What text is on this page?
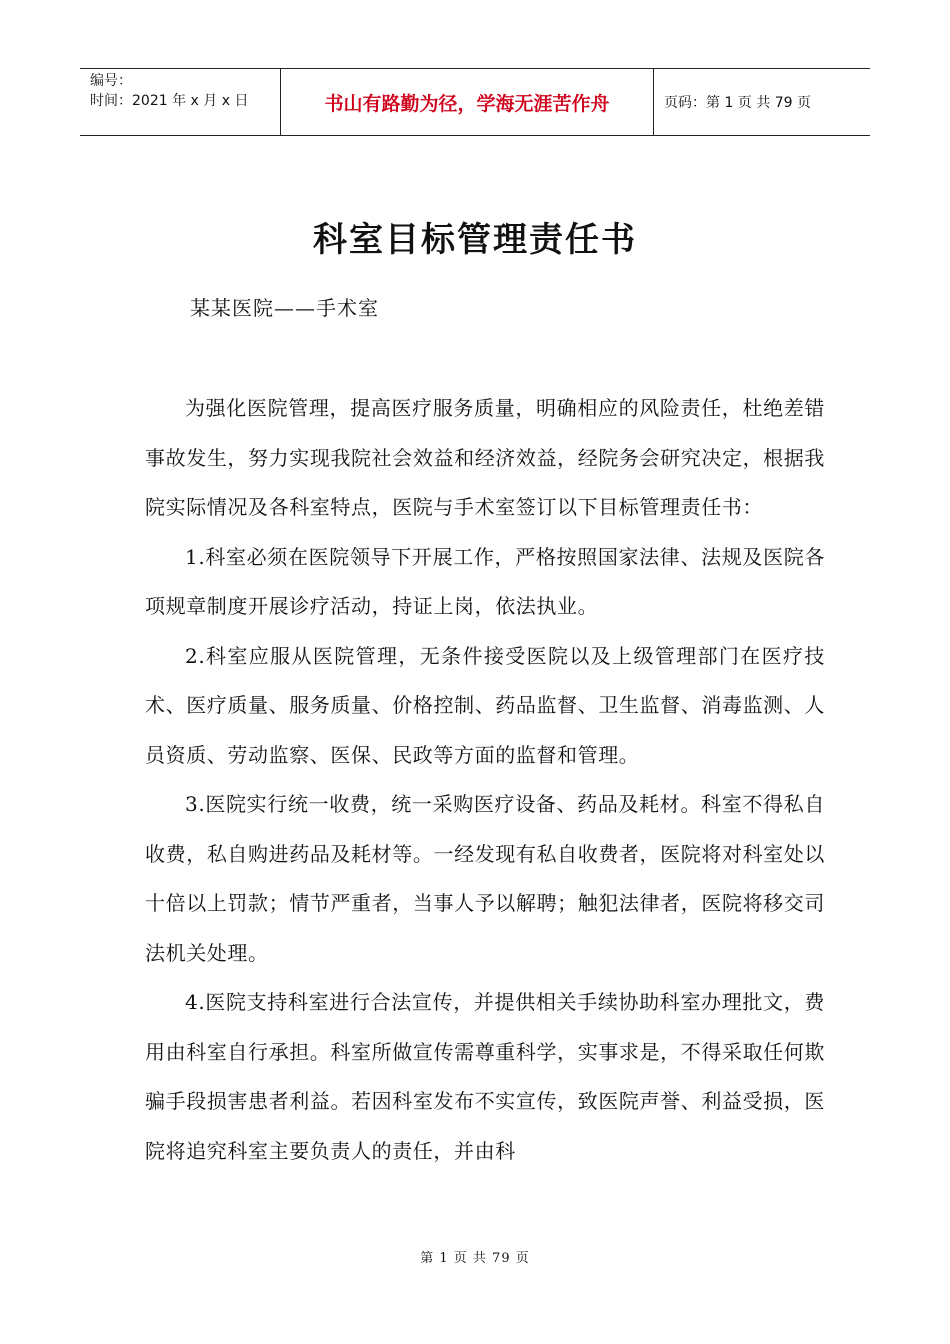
编号：
时间：2021 年 x 月 x 日	书山有路勤为径，学海无涯苦作舟	页码：第 1 页 共 79 页
科室目标管理责任书
某某医院——手术室

为强化医院管理，提高医疗服务质量，明确相应的风险责任，杜绝差错事故发生，努力实现我院社会效益和经济效益，经院务会研究决定，根据我院实际情况及各科室特点，医院与手术室签订以下目标管理责任书：

1.科室必须在医院领导下开展工作，严格按照国家法律、法规及医院各项规章制度开展诊疗活动，持证上岗，依法执业。

2.科室应服从医院管理，无条件接受医院以及上级管理部门在医疗技术、医疗质量、服务质量、价格控制、药品监督、卫生监督、消毒监测、人员资质、劳动监察、医保、民政等方面的监督和管理。

3.医院实行统一收费，统一采购医疗设备、药品及耗材。科室不得私自收费，私自购进药品及耗材等。一经发现有私自收费者，医院将对科室处以十倍以上罚款；情节严重者，当事人予以解聘；触犯法律者，医院将移交司法机关处理。

4.医院支持科室进行合法宣传，并提供相关手续协助科室办理批文，费用由科室自行承担。科室所做宣传需尊重科学，实事求是，不得采取任何欺骗手段损害患者利益。若因科室发布不实宣传，致医院声誉、利益受损，医院将追究科室主要负责人的责任，并由科

第 1 页 共 79 页
